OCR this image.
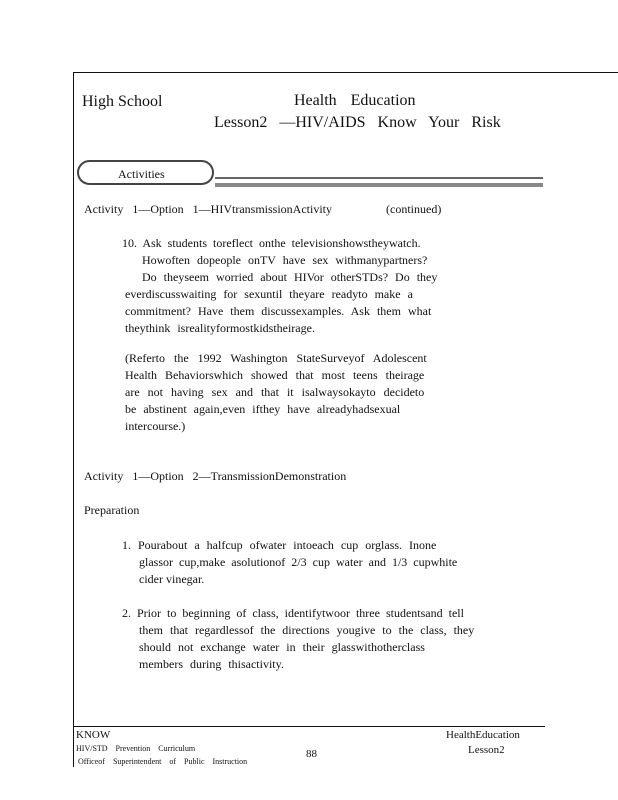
High School	Health Education
Lesson2 —HIV/AIDS Know Your Risk
Activities
Activity 1—Option 1—HIVtransmissionActivity	(continued)
10. Ask students toreflect onthe televisionshowstheywatch.
Howoften dopeople onTV have sex withmanypartners?
Do theyseem worried about HIVor otherSTDs? Do they
everdiscusswaiting for sexuntil theyare readyto make a
commitment? Have them discussexamples. Ask them what
theythink isrealityformostkidstheirage.
(Referto the 1992 Washington StateSurveyof Adolescent
Health Behaviorswhich showed that most teens theirage
are not having sex and that it isalwaysokayto decideto
be abstinent again,even ifthey have alreadyhadsexual
intercourse.)
Activity 1—Option 2—TransmissionDemonstration
Preparation
1. Pourabout a halfcup ofwater intoeach cup orglass. Inone
glassor cup,make asolutionof 2/3 cup water and 1/3 cupwhite
cider vinegar.
2. Prior to beginning of class, identifytwoor three studentsand tell
them that regardlessof the directions yougive to the class, they
should not exchange water in their glasswithotherclass
members during thisactivity.
KNOW
HIV/STD Prevention Curriculum
Officeof Superintendent of Public Instruction
88
HealthEducation
Lesson2
